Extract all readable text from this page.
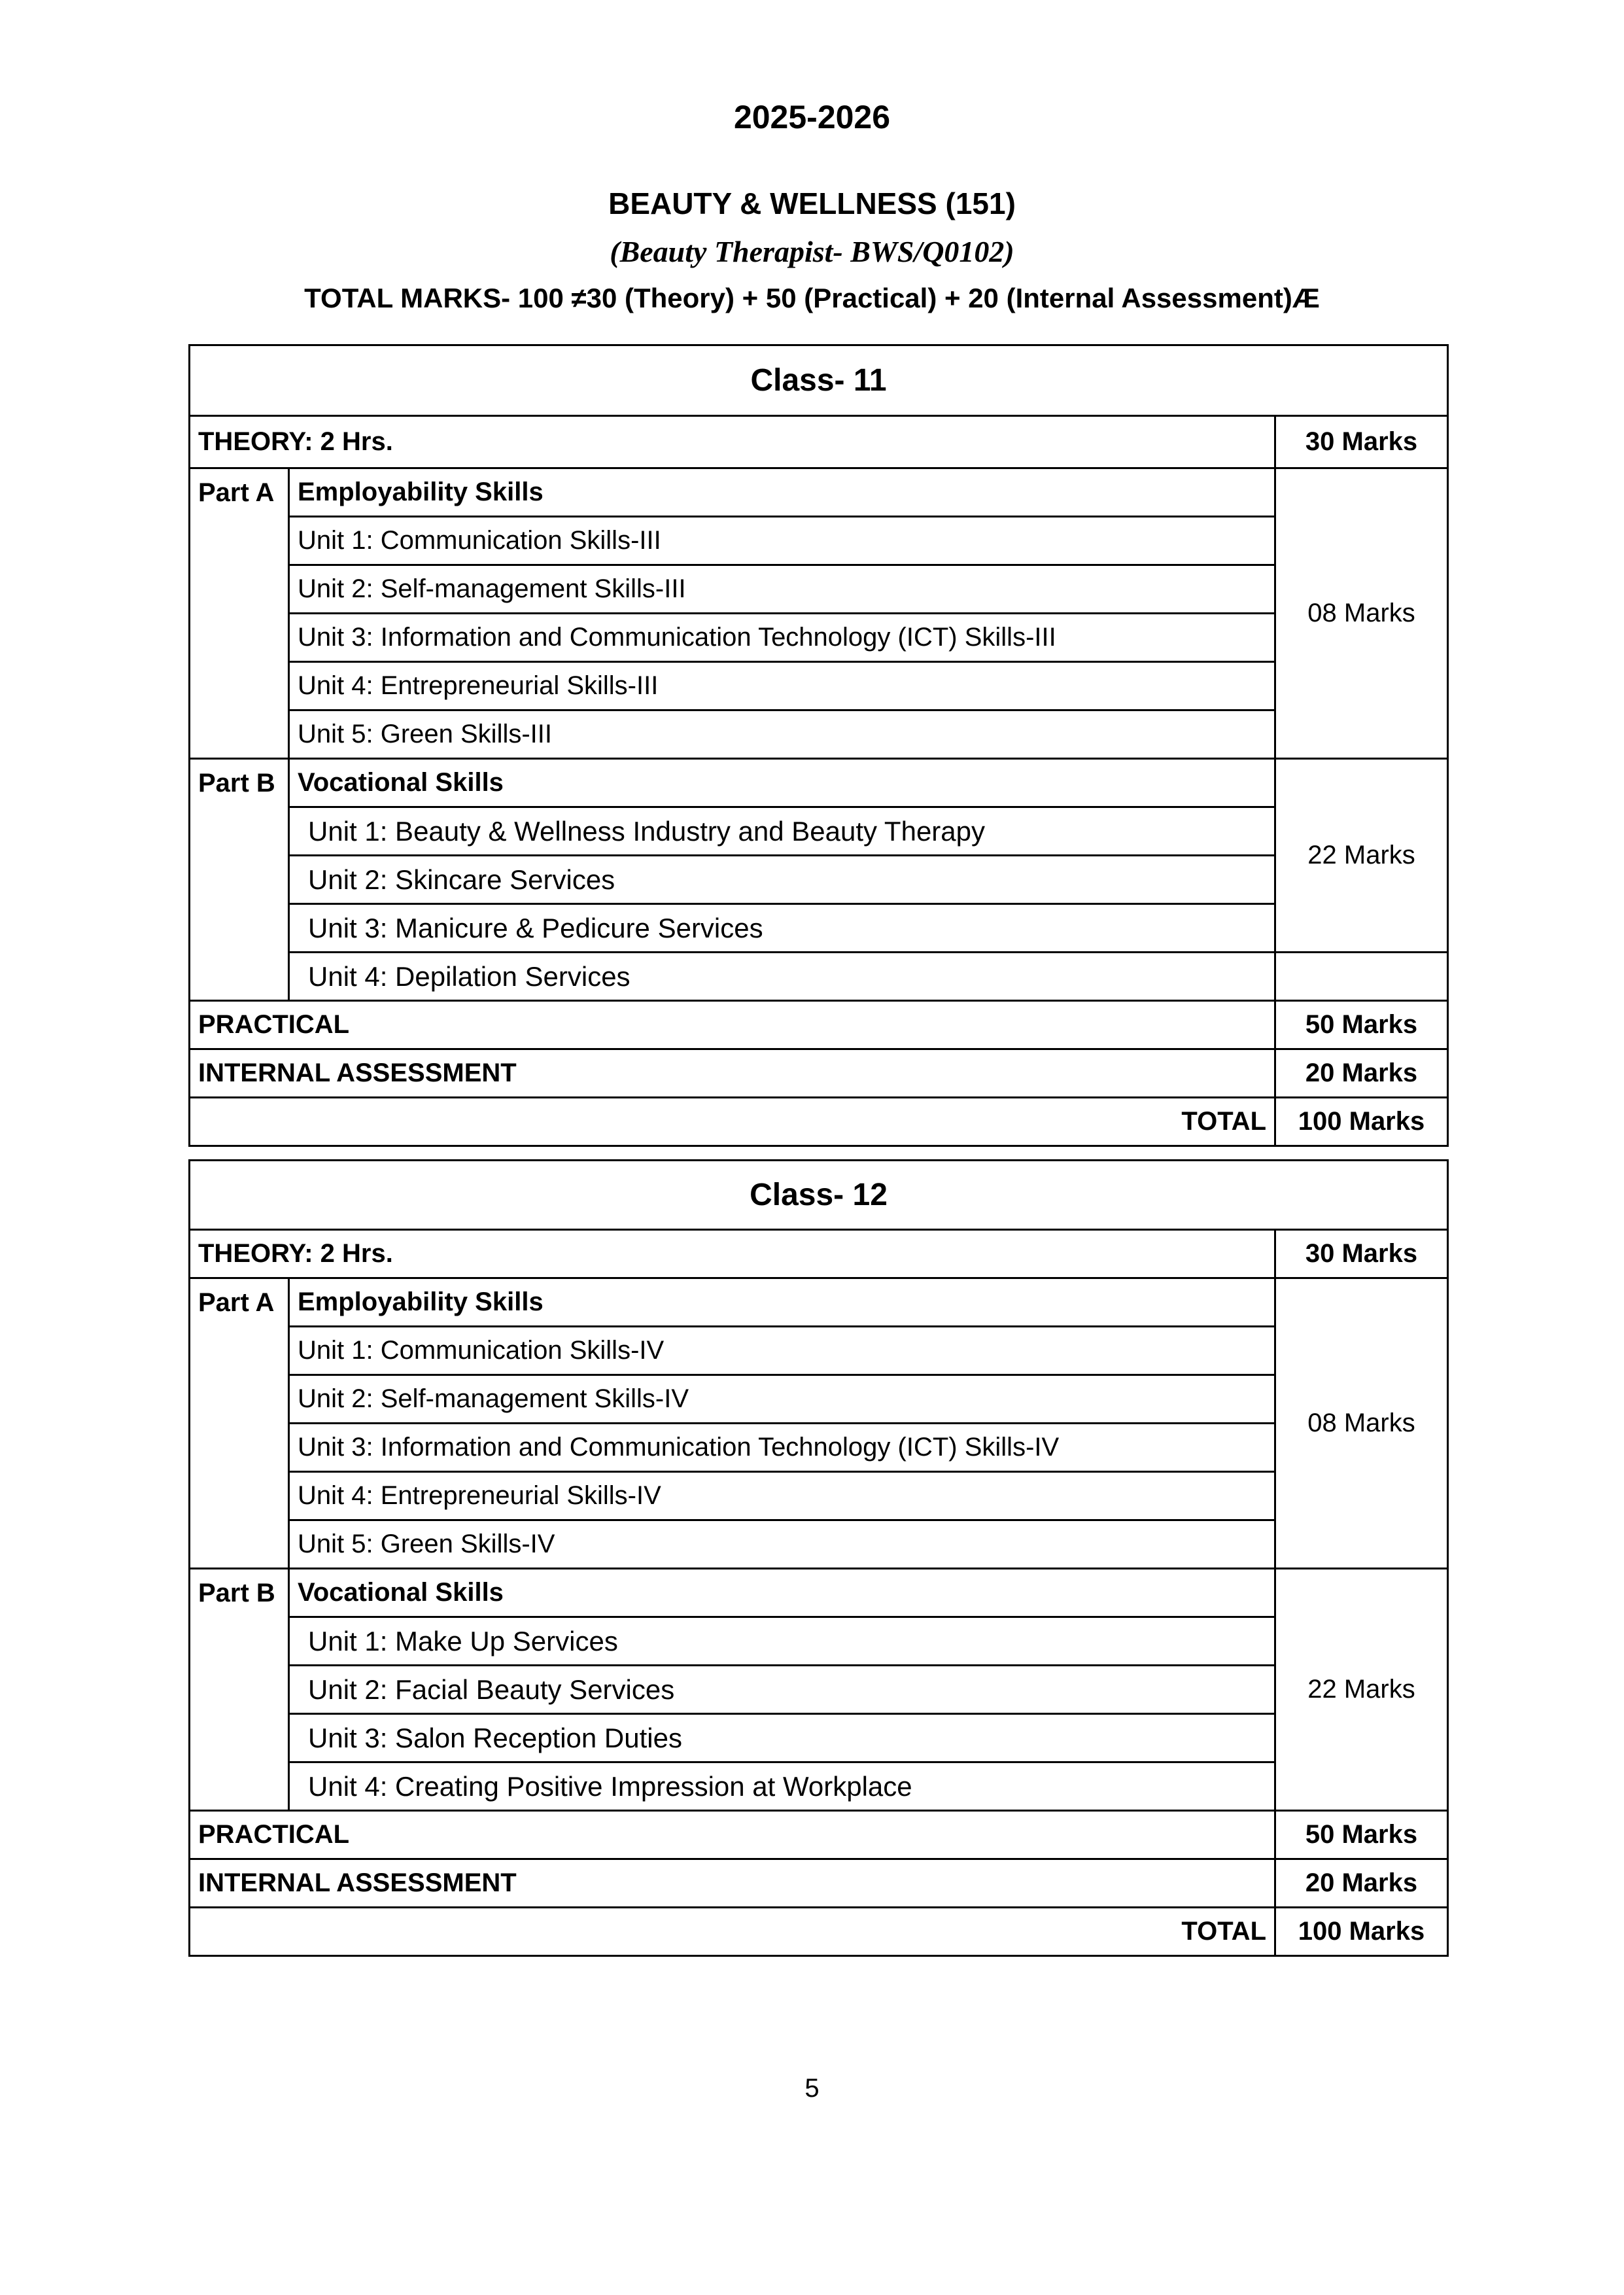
2025-2026
BEAUTY & WELLNESS (151)
(Beauty Therapist- BWS/Q0102)
TOTAL MARKS- 100 ≠30 (Theory) + 50 (Practical) + 20 (Internal Assessment)Æ
Class- 11		
THEORY: 2 Hrs.		30 Marks
Part A	Employability Skills	08 Marks
	Unit 1: Communication Skills-III	
	Unit 2: Self-management Skills-III	
	Unit 3: Information and Communication Technology (ICT) Skills-III	
	Unit 4: Entrepreneurial Skills-III	
	Unit 5: Green Skills-III	
Part B	Vocational Skills	22 Marks
	Unit 1: Beauty & Wellness Industry and Beauty Therapy	
	Unit 2: Skincare Services	
	Unit 3: Manicure & Pedicure Services	
	Unit 4: Depilation Services	
PRACTICAL		50 Marks
INTERNAL ASSESSMENT		20 Marks
TOTAL		100 Marks
Class- 12		
THEORY: 2 Hrs.		30 Marks
Part A	Employability Skills	08 Marks
	Unit 1: Communication Skills-IV	
	Unit 2: Self-management Skills-IV	
	Unit 3: Information and Communication Technology (ICT) Skills-IV	
	Unit 4: Entrepreneurial Skills-IV	
	Unit 5: Green Skills-IV	
Part B	Vocational Skills	22 Marks
	Unit 1: Make Up Services	
	Unit 2: Facial Beauty Services	
	Unit 3: Salon Reception Duties	
	Unit 4: Creating Positive Impression at Workplace	
PRACTICAL		50 Marks
INTERNAL ASSESSMENT		20 Marks
TOTAL		100 Marks
5
